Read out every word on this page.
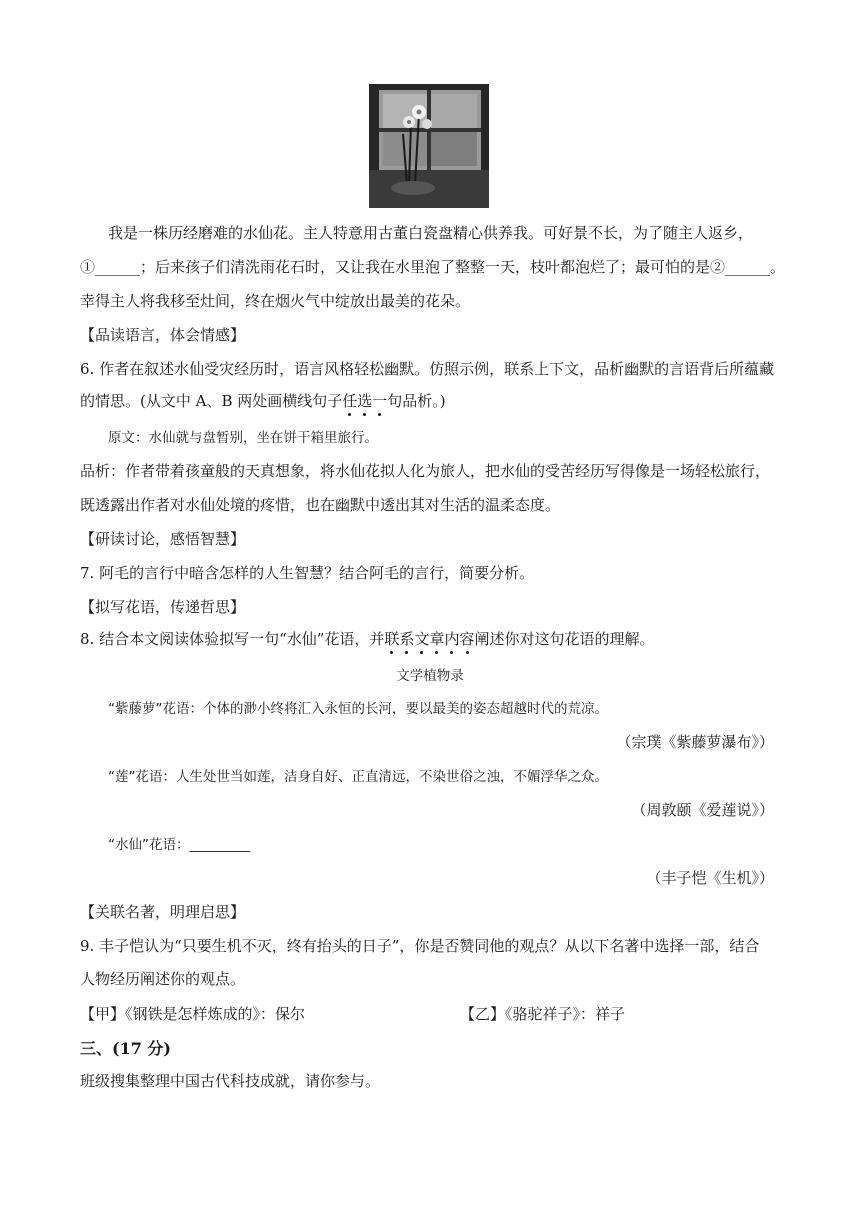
我是一株历经磨难的水仙花。主人特意用古董白瓷盘精心供养我。可好景不长，为了随主人返乡，
①______；后来孩子们清洗雨花石时，又让我在水里泡了整整一天，枝叶都泡烂了；最可怕的是②______。
幸得主人将我移至灶间，终在烟火气中绽放出最美的花朵。
【品读语言，体会情感】
6. 作者在叙述水仙受灾经历时，语言风格轻松幽默。仿照示例，联系上下文，品析幽默的言语背后所蕴藏
的情思。(从文中 A、B 两处画横线句子任选一句品析。)
原文：水仙就与盘暂别，坐在饼干箱里旅行。
品析：作者带着孩童般的天真想象，将水仙花拟人化为旅人，把水仙的受苦经历写得像是一场轻松旅行，
既透露出作者对水仙处境的疼惜，也在幽默中透出其对生活的温柔态度。
【研读讨论，感悟智慧】
7. 阿毛的言行中暗含怎样的人生智慧？结合阿毛的言行，简要分析。
【拟写花语，传递哲思】
8. 结合本文阅读体验拟写一句“水仙”花语，并联系文章内容阐述你对这句花语的理解。
文学植物录
“紫藤萝”花语：个体的渺小终将汇入永恒的长河，要以最美的姿态超越时代的荒凉。
（宗璞《紫藤萝瀑布》）
“莲”花语：人生处世当如莲，洁身自好、正直清远，不染世俗之浊，不媚浮华之众。
（周敦颐《爱莲说》）
“水仙”花语：_________
（丰子恺《生机》）
【关联名著，明理启思】
9. 丰子恺认为“只要生机不灭，终有抬头的日子”，你是否赞同他的观点？从以下名著中选择一部，结合
人物经历阐述你的观点。
【甲】《钢铁是怎样炼成的》：保尔	【乙】《骆驼祥子》：祥子
三、(17 分)
班级搜集整理中国古代科技成就，请你参与。
